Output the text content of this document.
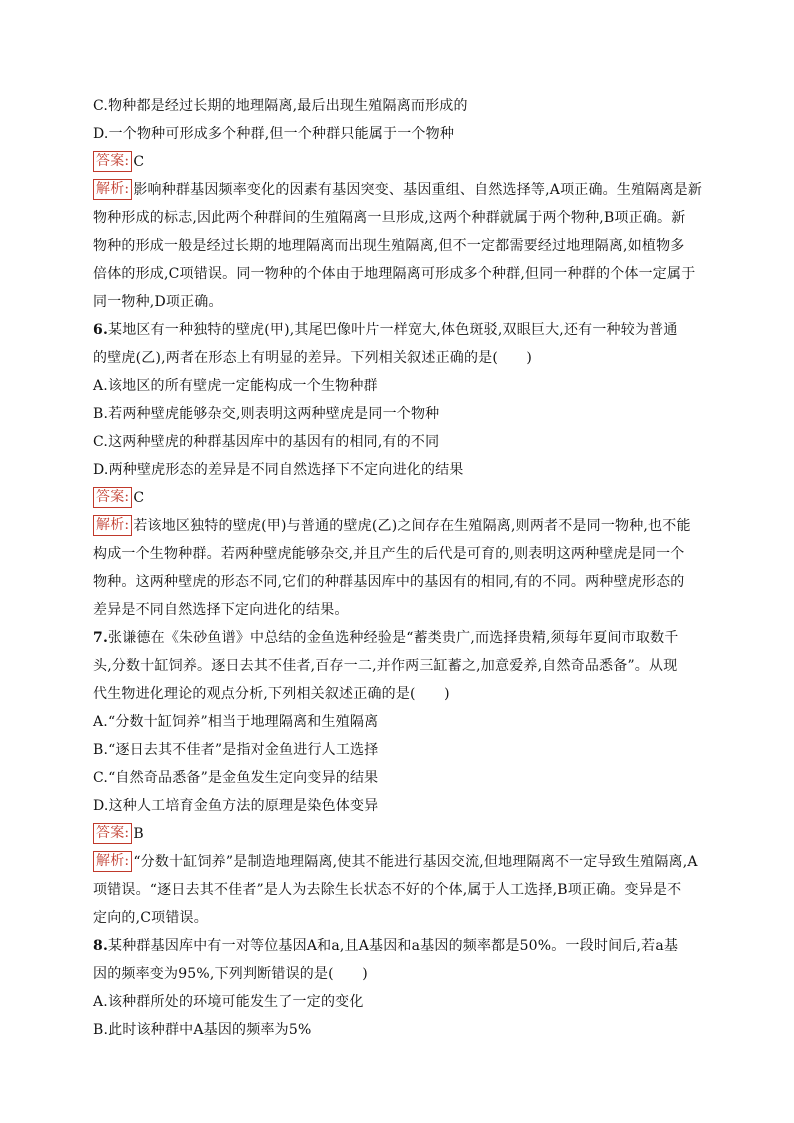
C.物种都是经过长期的地理隔离,最后出现生殖隔离而形成的
D.一个物种可形成多个种群,但一个种群只能属于一个物种
答案: C
解析: 影响种群基因频率变化的因素有基因突变、基因重组、自然选择等,A项正确。生殖隔离是新
物种形成的标志,因此两个种群间的生殖隔离一旦形成,这两个种群就属于两个物种,B项正确。新
物种的形成一般是经过长期的地理隔离而出现生殖隔离,但不一定都需要经过地理隔离,如植物多
倍体的形成,C项错误。同一物种的个体由于地理隔离可形成多个种群,但同一种群的个体一定属于
同一物种,D项正确。
6.某地区有一种独特的壁虎(甲),其尾巴像叶片一样宽大,体色斑驳,双眼巨大,还有一种较为普通
的壁虎(乙),两者在形态上有明显的差异。下列相关叙述正确的是(　　)
A.该地区的所有壁虎一定能构成一个生物种群
B.若两种壁虎能够杂交,则表明这两种壁虎是同一个物种
C.这两种壁虎的种群基因库中的基因有的相同,有的不同
D.两种壁虎形态的差异是不同自然选择下不定向进化的结果
答案: C
解析: 若该地区独特的壁虎(甲)与普通的壁虎(乙)之间存在生殖隔离,则两者不是同一物种,也不能
构成一个生物种群。若两种壁虎能够杂交,并且产生的后代是可育的,则表明这两种壁虎是同一个
物种。这两种壁虎的形态不同,它们的种群基因库中的基因有的相同,有的不同。两种壁虎形态的
差异是不同自然选择下定向进化的结果。
7.张谦德在《朱砂鱼谱》中总结的金鱼选种经验是“蓄类贵广,而选择贵精,须每年夏间市取数千
头,分数十缸饲养。逐日去其不佳者,百存一二,并作两三缸蓄之,加意爱养,自然奇品悉备”。从现
代生物进化理论的观点分析,下列相关叙述正确的是(　　)
A.“分数十缸饲养”相当于地理隔离和生殖隔离
B.“逐日去其不佳者”是指对金鱼进行人工选择
C.“自然奇品悉备”是金鱼发生定向变异的结果
D.这种人工培育金鱼方法的原理是染色体变异
答案: B
解析: “分数十缸饲养”是制造地理隔离,使其不能进行基因交流,但地理隔离不一定导致生殖隔离,A
项错误。“逐日去其不佳者”是人为去除生长状态不好的个体,属于人工选择,B项正确。变异是不
定向的,C项错误。
8.某种群基因库中有一对等位基因A和a,且A基因和a基因的频率都是50%。一段时间后,若a基
因的频率变为95%,下列判断错误的是(　　)
A.该种群所处的环境可能发生了一定的变化
B.此时该种群中A基因的频率为5%
